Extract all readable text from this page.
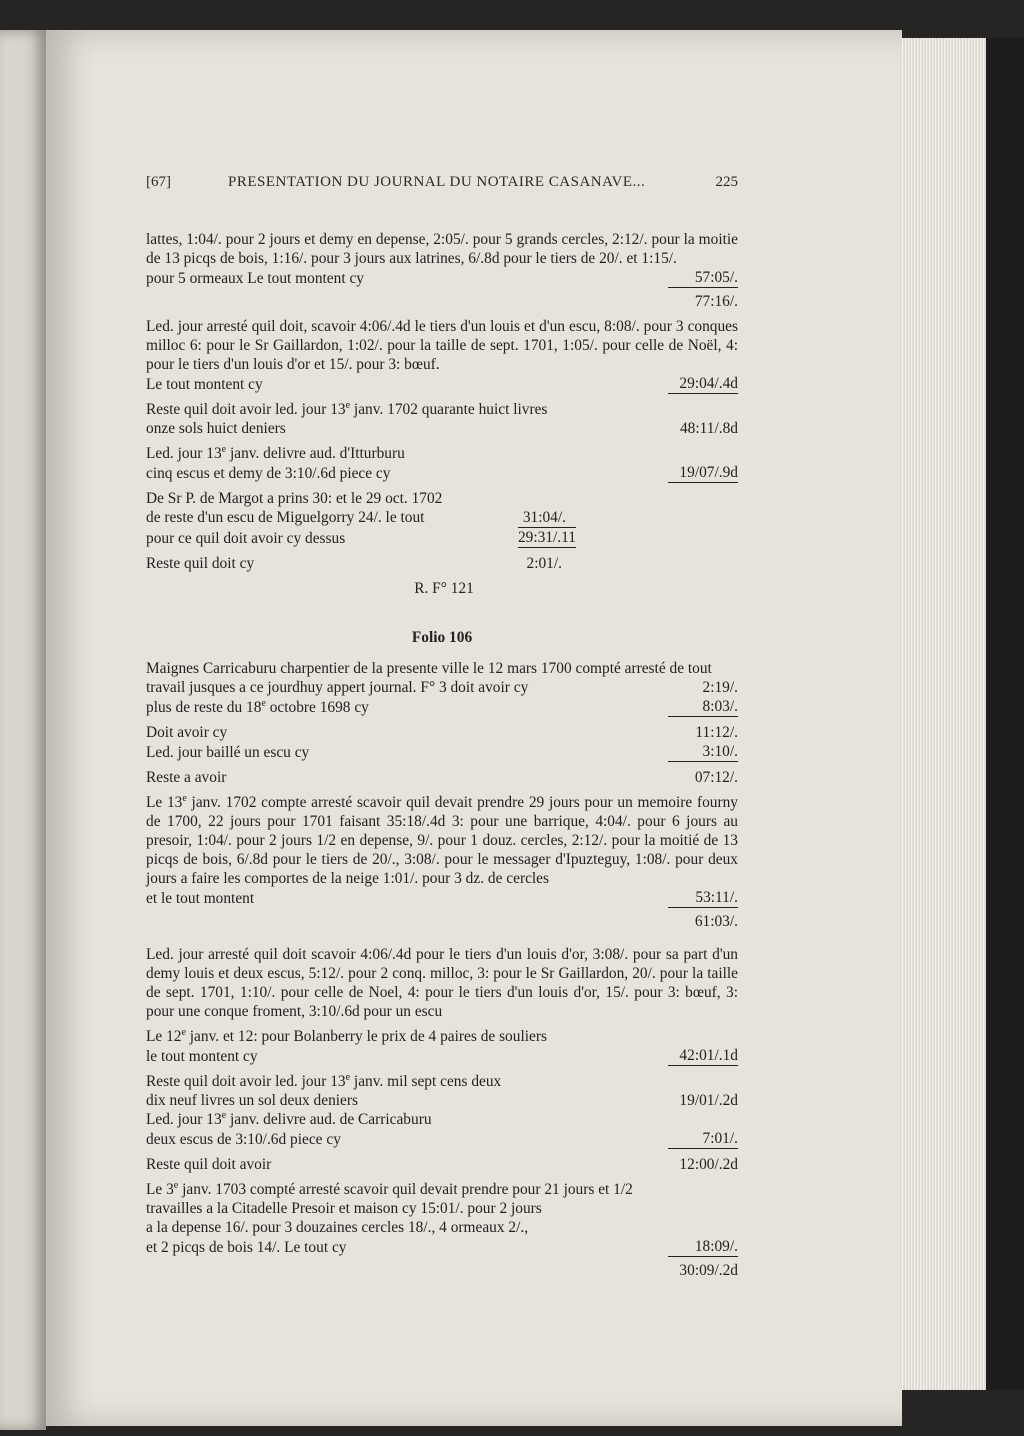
[67]	PRESENTATION DU JOURNAL DU NOTAIRE CASANAVE...	225
lattes, 1:04/. pour 2 jours et demy en depense, 2:05/. pour 5 grands cercles, 2:12/. pour la moitie de 13 picqs de bois, 1:16/. pour 3 jours aux latrines, 6/.8d pour le tiers de 20/. et 1:15/.
pour 5 ormeaux Le tout montent cy	57:05/.
77:16/.
Led. jour arresté quil doit, scavoir 4:06/.4d le tiers d'un louis et d'un escu, 8:08/. pour 3 conques milloc 6: pour le Sr Gaillardon, 1:02/. pour la taille de sept. 1701, 1:05/. pour celle de Noël, 4: pour le tiers d'un louis d'or et 15/. pour 3: bœuf.
Le tout montent cy	29:04/.4d
Reste quil doit avoir led. jour 13e janv. 1702 quarante huict livres
onze sols huict deniers	48:11/.8d
Led. jour 13e janv. delivre aud. d'Itturburu
cinq escus et demy de 3:10/.6d piece cy	19/07/.9d
De Sr P. de Margot a prins 30: et le 29 oct. 1702
de reste d'un escu de Miguelgorry 24/. le tout	31:04/.
pour ce quil doit avoir cy dessus	29:31/.11
Reste quil doit cy	2:01/.
R. F° 121
Folio 106
Maignes Carricaburu charpentier de la presente ville le 12 mars 1700 compté arresté de tout
travail jusques a ce jourdhuy appert journal. F° 3 doit avoir cy	2:19/.
plus de reste du 18e octobre 1698 cy	8:03/.
Doit avoir cy	11:12/.
Led. jour baillé un escu cy	3:10/.
Reste a avoir	07:12/.
Le 13e janv. 1702 compte arresté scavoir quil devait prendre 29 jours pour un memoire fourny de 1700, 22 jours pour 1701 faisant 35:18/.4d 3: pour une barrique, 4:04/. pour 6 jours au presoir, 1:04/. pour 2 jours 1/2 en depense, 9/. pour 1 douz. cercles, 2:12/. pour la moitié de 13 picqs de bois, 6/.8d pour le tiers de 20/., 3:08/. pour le messager d'Ipuzteguy, 1:08/. pour deux jours a faire les comportes de la neige 1:01/. pour 3 dz. de cercles
et le tout montent	53:11/.
61:03/.
Led. jour arresté quil doit scavoir 4:06/.4d pour le tiers d'un louis d'or, 3:08/. pour sa part d'un demy louis et deux escus, 5:12/. pour 2 conq. milloc, 3: pour le Sr Gaillardon, 20/. pour la taille de sept. 1701, 1:10/. pour celle de Noel, 4: pour le tiers d'un louis d'or, 15/. pour 3: bœuf, 3: pour une conque froment, 3:10/.6d pour un escu
Le 12e janv. et 12: pour Bolanberry le prix de 4 paires de souliers
le tout montent cy	42:01/.1d
Reste quil doit avoir led. jour 13e janv. mil sept cens deux
dix neuf livres un sol deux deniers	19/01/.2d
Led. jour 13e janv. delivre aud. de Carricaburu
deux escus de 3:10/.6d piece cy	7:01/.
Reste quil doit avoir	12:00/.2d
Le 3e janv. 1703 compté arresté scavoir quil devait prendre pour 21 jours et 1/2
travailles a la Citadelle Presoir et maison cy 15:01/. pour 2 jours
a la depense 16/. pour 3 douzaines cercles 18/., 4 ormeaux 2/.,
et 2 picqs de bois 14/. Le tout cy	18:09/.
30:09/.2d
